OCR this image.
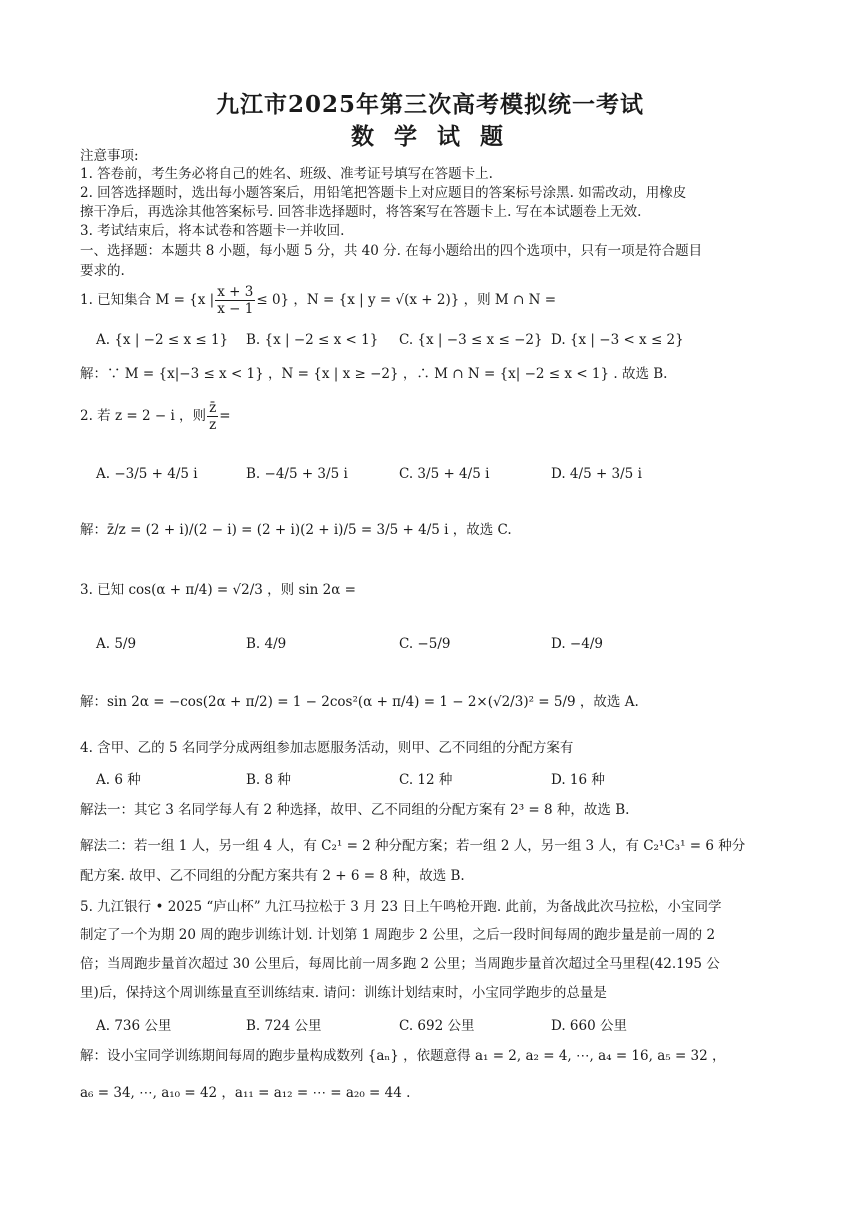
九江市2025年第三次高考模拟统一考试
数 学 试 题
注意事项:
1. 答卷前，考生务必将自己的姓名、班级、准考证号填写在答题卡上.
2. 回答选择题时，选出每小题答案后，用铅笔把答题卡上对应题目的答案标号涂黑. 如需改动，用橡皮
擦干净后，再选涂其他答案标号. 回答非选择题时，将答案写在答题卡上. 写在本试题卷上无效.
3. 考试结束后，将本试卷和答题卡一并收回.
一、选择题：本题共 8 小题，每小题 5 分，共 40 分. 在每小题给出的四个选项中，只有一项是符合题目
要求的.
1. 已知集合 M = {x | $\frac{x + 3}{x - 1} \le 0$} ，N = {x | y = √(x + 2)} ，则 M ∩ N =
A. {x | −2 ≤ x ≤ 1} B. {x | −2 ≤ x < 1} C. {x | −3 ≤ x ≤ −2} D. {x | −3 < x ≤ 2}
解：∵ M = {x|−3 ≤ x < 1} ，N = {x | x ≥ −2} ，∴ M ∩ N = {x| −2 ≤ x < 1} . 故选 B.
2. 若 z = 2 − i ，则 $\frac{z̄}{z}$ =
A. −3/5 + 4/5 i	B. −4/5 + 3/5 i	C. 3/5 + 4/5 i	D. 4/5 + 3/5 i
解：z̄/z = (2 + i)/(2 − i) = (2 + i)(2 + i)/5 = 3/5 + 4/5 i ，故选 C.
3. 已知 cos(α + π/4) = √2/3 ，则 sin 2α =
A. 5/9	B. 4/9	C. −5/9	D. −4/9
解：sin 2α = −cos(2α + π/2) = 1 − 2cos²(α + π/4) = 1 − 2×(√2/3)² = 5/9 ，故选 A.
4. 含甲、乙的 5 名同学分成两组参加志愿服务活动，则甲、乙不同组的分配方案有
A. 6 种	B. 8 种	C. 12 种	D. 16 种
解法一：其它 3 名同学每人有 2 种选择，故甲、乙不同组的分配方案有 2³ = 8 种，故选 B.
解法二：若一组 1 人，另一组 4 人，有 C₂¹ = 2 种分配方案；若一组 2 人，另一组 3 人，有 C₂¹C₃¹ = 6 种分
配方案. 故甲、乙不同组的分配方案共有 2 + 6 = 8 种，故选 B.
5. 九江银行 • 2025 “庐山杯” 九江马拉松于 3 月 23 日上午鸣枪开跑. 此前，为备战此次马拉松，小宝同学
制定了一个为期 20 周的跑步训练计划. 计划第 1 周跑步 2 公里，之后一段时间每周的跑步量是前一周的 2
倍；当周跑步量首次超过 30 公里后，每周比前一周多跑 2 公里；当周跑步量首次超过全马里程(42.195 公
里)后，保持这个周训练量直至训练结束. 请问：训练计划结束时，小宝同学跑步的总量是
A. 736 公里	B. 724 公里	C. 692 公里	D. 660 公里
解：设小宝同学训练期间每周的跑步量构成数列 {aₙ} ，依题意得 a₁ = 2, a₂ = 4, ⋯, a₄ = 16, a₅ = 32 ，
a₆ = 34, ⋯, a₁₀ = 42 ，a₁₁ = a₁₂ = ⋯ = a₂₀ = 44 .
